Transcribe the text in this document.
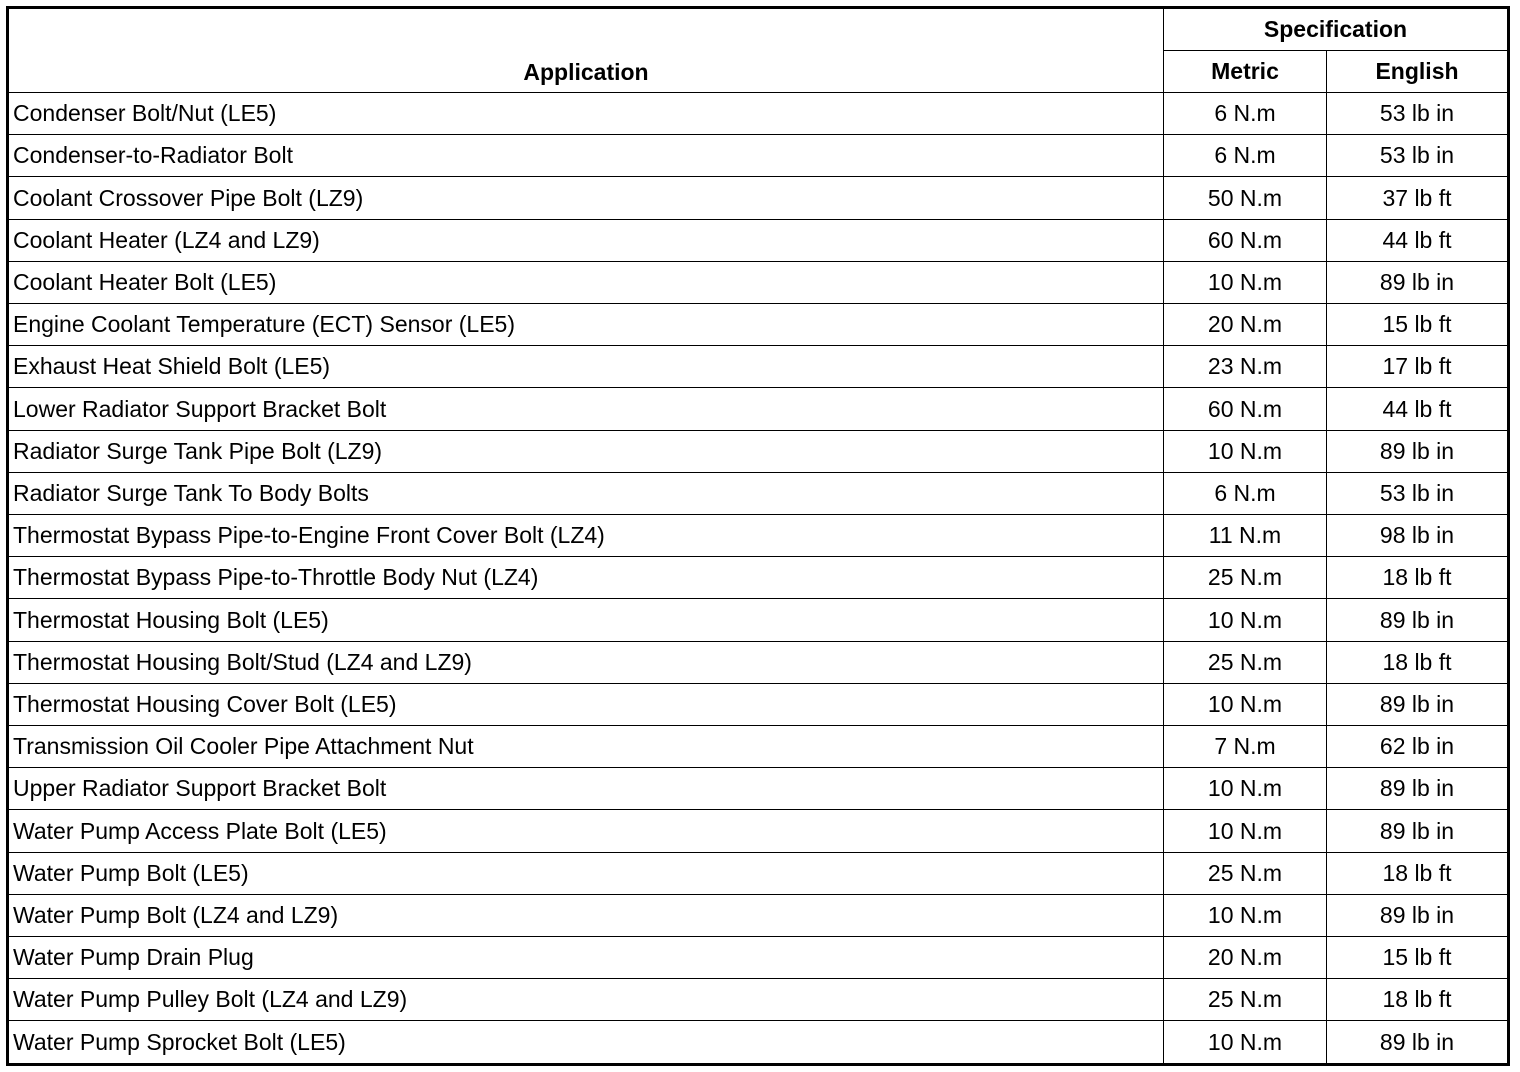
Application	Specification	
	Metric	English
Condenser Bolt/Nut (LE5)	6 N.m	53 lb in
Condenser-to-Radiator Bolt	6 N.m	53 lb in
Coolant Crossover Pipe Bolt (LZ9)	50 N.m	37 lb ft
Coolant Heater (LZ4 and LZ9)	60 N.m	44 lb ft
Coolant Heater Bolt (LE5)	10 N.m	89 lb in
Engine Coolant Temperature (ECT) Sensor (LE5)	20 N.m	15 lb ft
Exhaust Heat Shield Bolt (LE5)	23 N.m	17 lb ft
Lower Radiator Support Bracket Bolt	60 N.m	44 lb ft
Radiator Surge Tank Pipe Bolt (LZ9)	10 N.m	89 lb in
Radiator Surge Tank To Body Bolts	6 N.m	53 lb in
Thermostat Bypass Pipe-to-Engine Front Cover Bolt (LZ4)	11 N.m	98 lb in
Thermostat Bypass Pipe-to-Throttle Body Nut (LZ4)	25 N.m	18 lb ft
Thermostat Housing Bolt (LE5)	10 N.m	89 lb in
Thermostat Housing Bolt/Stud (LZ4 and LZ9)	25 N.m	18 lb ft
Thermostat Housing Cover Bolt (LE5)	10 N.m	89 lb in
Transmission Oil Cooler Pipe Attachment Nut	7 N.m	62 lb in
Upper Radiator Support Bracket Bolt	10 N.m	89 lb in
Water Pump Access Plate Bolt (LE5)	10 N.m	89 lb in
Water Pump Bolt (LE5)	25 N.m	18 lb ft
Water Pump Bolt (LZ4 and LZ9)	10 N.m	89 lb in
Water Pump Drain Plug	20 N.m	15 lb ft
Water Pump Pulley Bolt (LZ4 and LZ9)	25 N.m	18 lb ft
Water Pump Sprocket Bolt (LE5)	10 N.m	89 lb in
